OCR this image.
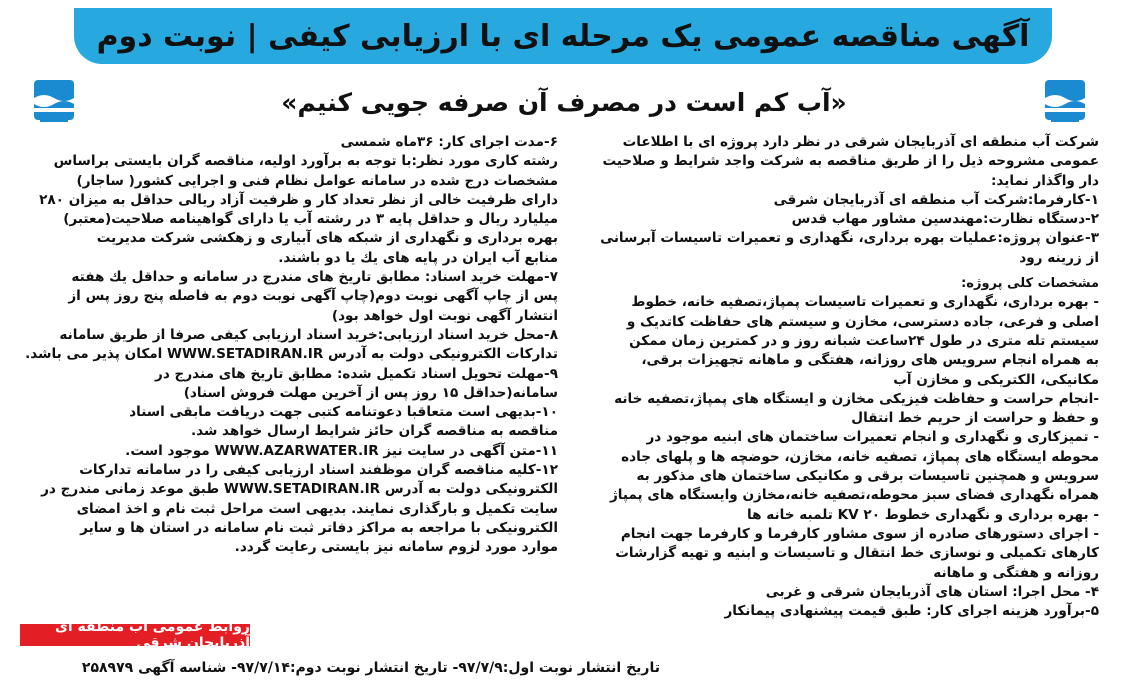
آگهی مناقصه عمومی یک مرحله ای با ارزیابی کیفی | نوبت دوم
«آب کم است در مصرف آن صرفه جویی کنیم»

شرکت آب منطقه ای آذربایجان شرقی در نظر دارد پروژه ای با اطلاعات

عمومی مشروحه ذیل را از طریق مناقصه به شرکت واجد شرایط و صلاحیت

دار واگذار نماید:

۱-کارفرما:شرکت آب منطقه ای آذربایجان شرقی

۲-دستگاه نظارت:مهندسین مشاور مهاب قدس

۳-عنوان پروژه:عملیات بهره برداری، نگهداری و تعمیرات تاسیسات آبرسانی

از زرینه رود

مشخصات کلی پروژه:

- بهره برداری، نگهداری و تعمیرات تاسیسات پمپاژ،تصفیه خانه، خطوط

اصلی و فرعی، جاده دسترسی، مخازن و سیستم های حفاظت کاتدیک و

سیستم تله متری در طول ۲۴ساعت شبانه روز و در کمترین زمان ممکن

به همراه انجام سرویس های روزانه، هفتگی و ماهانه تجهیزات برقی،

مکانیکی، الکتریکی و مخازن آب

-انجام حراست و حفاظت فیزیکی مخازن و ایستگاه های پمپاژ،تصفیه خانه

و حفظ و حراست از حریم خط انتقال

- تمیزکاری و نگهداری و انجام تعمیرات ساختمان های ابنیه موجود در

محوطه ایستگاه های پمپاژ، تصفیه خانه، مخازن، حوضچه ها و پلهای جاده

سرویس و همچنین تاسیسات برقی و مکانیکی ساختمان های مذکور به

همراه نگهداری فضای سبز محوطه،تصفیه خانه،مخازن وایستگاه های پمپاژ

- بهره برداری و نگهداری خطوط ۲۰ KV تلمبه خانه ها

- اجرای دستورهای صادره از سوی مشاور کارفرما و کارفرما جهت انجام

کارهای تکمیلی و نوسازی خط انتقال و تاسیسات و ابنیه و تهیه گزارشات

روزانه و هفتگی و ماهانه

۴- محل اجرا: استان های آذربایجان شرقی و غربی

۵-برآورد هزینه اجرای کار: طبق قیمت پیشنهادی پیمانکار

۶-مدت اجرای کار: ۳۶ماه شمسی

رشته کاری مورد نظر:با توجه به برآورد اولیه، مناقصه گران بایستی براساس

مشخصات درج شده در سامانه عوامل نظام فنی و اجرایی کشور( ساجار)

دارای ظرفیت خالی از نظر تعداد کار و ظرفیت آزاد ریالی حداقل به میزان ۲۸۰

میلیارد ریال و حداقل پایه ۳ در رشته آب یا دارای گواهینامه صلاحیت(معتبر)

بهره برداری و نگهداری از شبکه های آبیاری و زهکشی شرکت مدیریت

منابع آب ایران در پایه های یك یا دو باشند.

۷-مهلت خرید اسناد: مطابق تاریخ های مندرج در سامانه و حداقل یك هفته

پس از چاپ آگهی نوبت دوم(چاپ آگهی نوبت دوم به فاصله پنج روز پس از

انتشار آگهی نوبت اول خواهد بود)

۸-محل خرید اسناد ارزیابی:خرید اسناد ارزیابی کیفی صرفا از طریق سامانه

تدارکات الکترونیکی دولت به آدرس WWW.SETADIRAN.IR امکان پذیر می باشد.

۹-مهلت تحویل اسناد تکمیل شده: مطابق تاریخ های مندرج در

سامانه(حداقل ۱۵ روز پس از آخرین مهلت فروش اسناد)

۱۰-بدیهی است متعاقبا دعوتنامه کتبی جهت دریافت مابقی اسناد

مناقصه به مناقصه گران حائز شرایط ارسال خواهد شد.

۱۱-متن آگهی در سایت نیز WWW.AZARWATER.IR موجود است.

۱۲-کلیه مناقصه گران موظفند اسناد ارزیابی کیفی را در سامانه تدارکات

الکترونیکی دولت به آدرس WWW.SETADIRAN.IR طبق موعد زمانی مندرج در

سایت تکمیل و بارگذاری نمایند. بدیهی است مراحل ثبت نام و اخذ امضای

الکترونیکی با مراجعه به مراکز دفاتر ثبت نام سامانه در استان ها و سایر

موارد مورد لزوم سامانه نیز بایستی رعایت گردد.

روابط عمومی آب منطقه ای آذربایجان شرقی
تاریخ انتشار نوبت اول:۹۷/۷/۹- تاریخ انتشار نوبت دوم:۹۷/۷/۱۴- شناسه آگهی ۲۵۸۹۷۹
